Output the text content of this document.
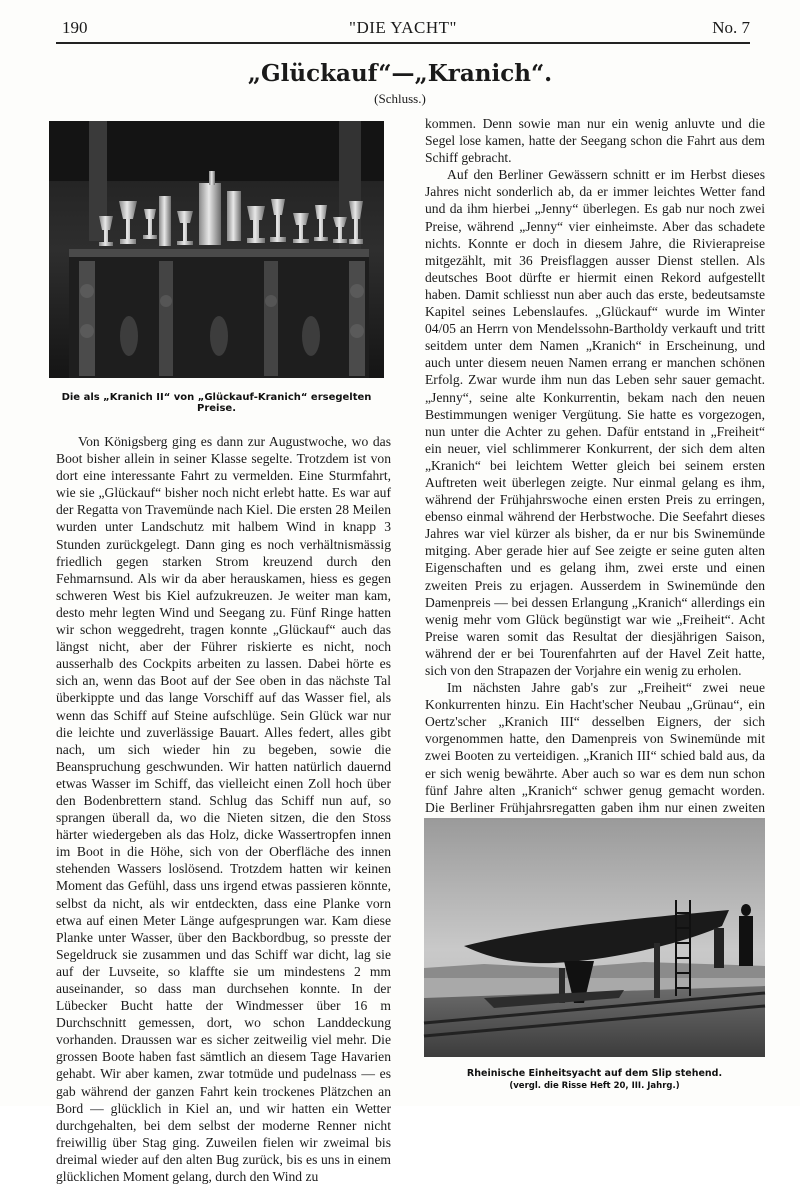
190	"DIE YACHT"	No. 7
„Glückauf“—„Kranich“.
(Schluss.)
Die als „Kranich II“ von „Glückauf-Kranich“ ersegelten Preise.

Von Königsberg ging es dann zur Augustwoche, wo das Boot bisher allein in seiner Klasse segelte. Trotzdem ist von dort eine interessante Fahrt zu vermelden. Eine Sturmfahrt, wie sie „Glückauf“ bisher noch nicht erlebt hatte. Es war auf der Regatta von Travemünde nach Kiel. Die ersten 28 Meilen wurden unter Landschutz mit halbem Wind in knapp 3 Stunden zurückgelegt. Dann ging es noch verhältnismässig friedlich gegen starken Strom kreuzend durch den Fehmarnsund. Als wir da aber herauskamen, hiess es gegen schweren West bis Kiel aufzukreuzen. Je weiter man kam, desto mehr legten Wind und Seegang zu. Fünf Ringe hatten wir schon weggedreht, tragen konnte „Glückauf“ auch das längst nicht, aber der Führer riskierte es nicht, noch ausserhalb des Cockpits arbeiten zu lassen. Dabei hörte es sich an, wenn das Boot auf der See oben in das nächste Tal überkippte und das lange Vorschiff auf das Wasser fiel, als wenn das Schiff auf Steine aufschlüge. Sein Glück war nur die leichte und zuverlässige Bauart. Alles federt, alles gibt nach, um sich wieder hin zu begeben, sowie die Beanspruchung geschwunden. Wir hatten natürlich dauernd etwas Wasser im Schiff, das vielleicht einen Zoll hoch über den Bodenbrettern stand. Schlug das Schiff nun auf, so sprangen überall da, wo die Nieten sitzen, die den Stoss härter wiedergeben als das Holz, dicke Wassertropfen innen im Boot in die Höhe, sich von der Oberfläche des innen stehenden Wassers loslösend. Trotzdem hatten wir keinen Moment das Gefühl, dass uns irgend etwas passieren könnte, selbst da nicht, als wir entdeckten, dass eine Planke vorn etwa auf einen Meter Länge aufgesprungen war. Kam diese Planke unter Wasser, über den Backbordbug, so presste der Segeldruck sie zusammen und das Schiff war dicht, lag sie auf der Luvseite, so klaffte sie um mindestens 2 mm auseinander, so dass man durchsehen konnte. In der Lübecker Bucht hatte der Windmesser über 16 m Durchschnitt gemessen, dort, wo schon Landdeckung vorhanden. Draussen war es sicher zeitweilig viel mehr. Die grossen Boote haben fast sämtlich an diesem Tage Havarien gehabt. Wir aber kamen, zwar totmüde und pudelnass — es gab während der ganzen Fahrt kein trockenes Plätzchen an Bord — glücklich in Kiel an, und wir hatten ein Wetter durchgehalten, bei dem selbst der moderne Renner nicht freiwillig über Stag ging. Zuweilen fielen wir zweimal bis dreimal wieder auf den alten Bug zurück, bis es uns in einem glücklichen Moment gelang, durch den Wind zu

kommen. Denn sowie man nur ein wenig anluvte und die Segel lose kamen, hatte der Seegang schon die Fahrt aus dem Schiff gebracht.

Auf den Berliner Gewässern schnitt er im Herbst dieses Jahres nicht sonderlich ab, da er immer leichtes Wetter fand und da ihm hierbei „Jenny“ überlegen. Es gab nur noch zwei Preise, während „Jenny“ vier einheimste. Aber das schadete nichts. Konnte er doch in diesem Jahre, die Rivierapreise mitgezählt, mit 36 Preisflaggen ausser Dienst stellen. Als deutsches Boot dürfte er hiermit einen Rekord aufgestellt haben. Damit schliesst nun aber auch das erste, bedeutsamste Kapitel seines Lebenslaufes. „Glückauf“ wurde im Winter 04/05 an Herrn von Mendelssohn-Bartholdy verkauft und tritt seitdem unter dem Namen „Kranich“ in Erscheinung, und auch unter diesem neuen Namen errang er manchen schönen Erfolg. Zwar wurde ihm nun das Leben sehr sauer gemacht. „Jenny“, seine alte Konkurrentin, bekam nach den neuen Bestimmungen weniger Vergütung. Sie hatte es vorgezogen, nun unter die Achter zu gehen. Dafür entstand in „Freiheit“ ein neuer, viel schlimmerer Konkurrent, der sich dem alten „Kranich“ bei leichtem Wetter gleich bei seinem ersten Auftreten weit überlegen zeigte. Nur einmal gelang es ihm, während der Frühjahrswoche einen ersten Preis zu erringen, ebenso einmal während der Herbstwoche. Die Seefahrt dieses Jahres war viel kürzer als bisher, da er nur bis Swinemünde mitging. Aber gerade hier auf See zeigte er seine guten alten Eigenschaften und es gelang ihm, zwei erste und einen zweiten Preis zu erjagen. Ausserdem in Swinemünde den Damenpreis — bei dessen Erlangung „Kranich“ allerdings ein wenig mehr vom Glück begünstigt war wie „Freiheit“. Acht Preise waren somit das Resultat der diesjährigen Saison, während der er bei Tourenfahrten auf der Havel Zeit hatte, sich von den Strapazen der Vorjahre ein wenig zu erholen.

Im nächsten Jahre gab's zur „Freiheit“ zwei neue Konkurrenten hinzu. Ein Hacht'scher Neubau „Grünau“, ein Oertz'scher „Kranich III“ desselben Eigners, der sich vorgenommen hatte, den Damenpreis von Swinemünde mit zwei Booten zu verteidigen. „Kranich III“ schied bald aus, da er sich wenig bewährte. Aber auch so war es dem nun schon fünf Jahre alten „Kranich“ schwer genug gemacht worden. Die Berliner Frühjahrsregatten gaben ihm nur einen zweiten

Rheinische Einheitsyacht auf dem Slip stehend.
(vergl. die Risse Heft 20, III. Jahrg.)
